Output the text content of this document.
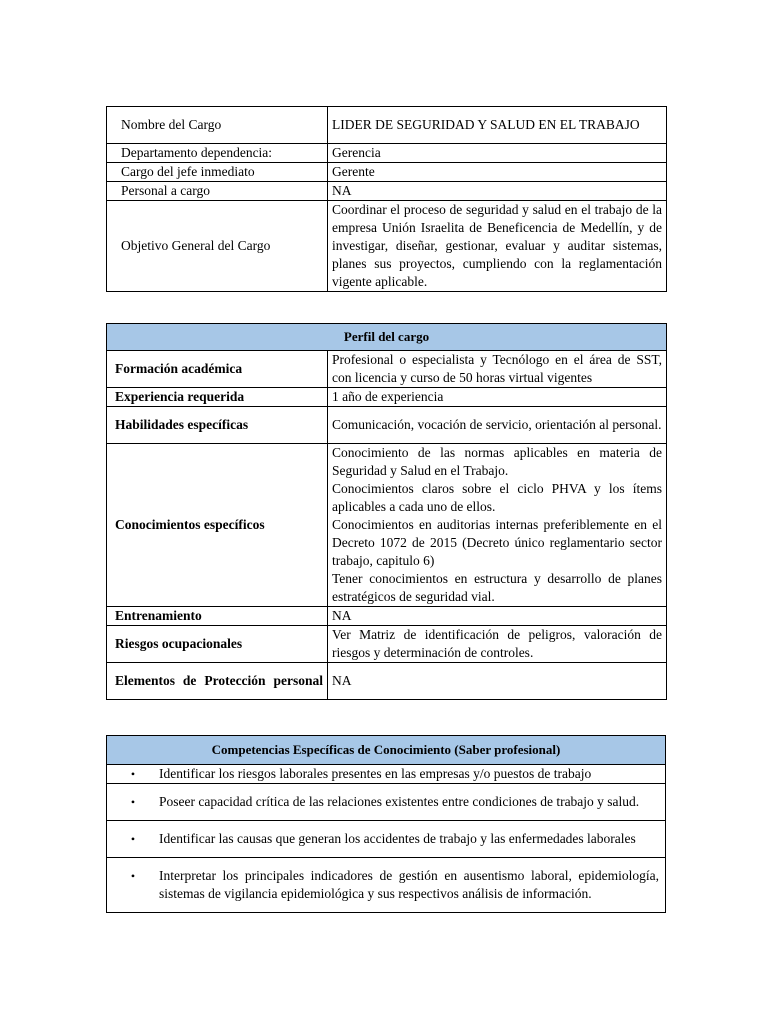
Nombre del Cargo	LIDER DE SEGURIDAD Y SALUD EN EL TRABAJO
Departamento dependencia:	Gerencia
Cargo del jefe inmediato	Gerente
Personal a cargo	NA
Objetivo General del Cargo	Coordinar el proceso de seguridad y salud en el trabajo de la empresa Unión Israelita de Beneficencia de Medellín, y de investigar, diseñar, gestionar, evaluar y auditar sistemas, planes sus proyectos, cumpliendo con la reglamentación vigente aplicable.
Perfil del cargo	
Formación académica	Profesional o especialista y Tecnólogo en el área de SST, con licencia y curso de 50 horas virtual vigentes
Experiencia requerida	1 año de experiencia
Habilidades específicas	Comunicación, vocación de servicio, orientación al personal.
Conocimientos específicos	Conocimiento de las normas aplicables en materia de Seguridad y Salud en el Trabajo.
Conocimientos claros sobre el ciclo PHVA y los ítems aplicables a cada uno de ellos.
Conocimientos en auditorias internas preferiblemente en el Decreto 1072 de 2015 (Decreto único reglamentario sector trabajo, capitulo 6)
Tener conocimientos en estructura y desarrollo de planes estratégicos de seguridad vial.

Entrenamiento	NA
Riesgos ocupacionales	Ver Matriz de identificación de peligros, valoración de riesgos y determinación de controles.

Elementos de Protección personal	NA
Competencias Específicas de Conocimiento (Saber profesional)

•	Identificar los riesgos laborales presentes en las empresas y/o puestos de trabajo

•	Poseer capacidad crítica de las relaciones existentes entre condiciones de trabajo y salud.

•	Identificar las causas que generan los accidentes de trabajo y las enfermedades laborales

•	Interpretar los principales indicadores de gestión en ausentismo laboral, epidemiología, sistemas de vigilancia epidemiológica y sus respectivos análisis de información.
